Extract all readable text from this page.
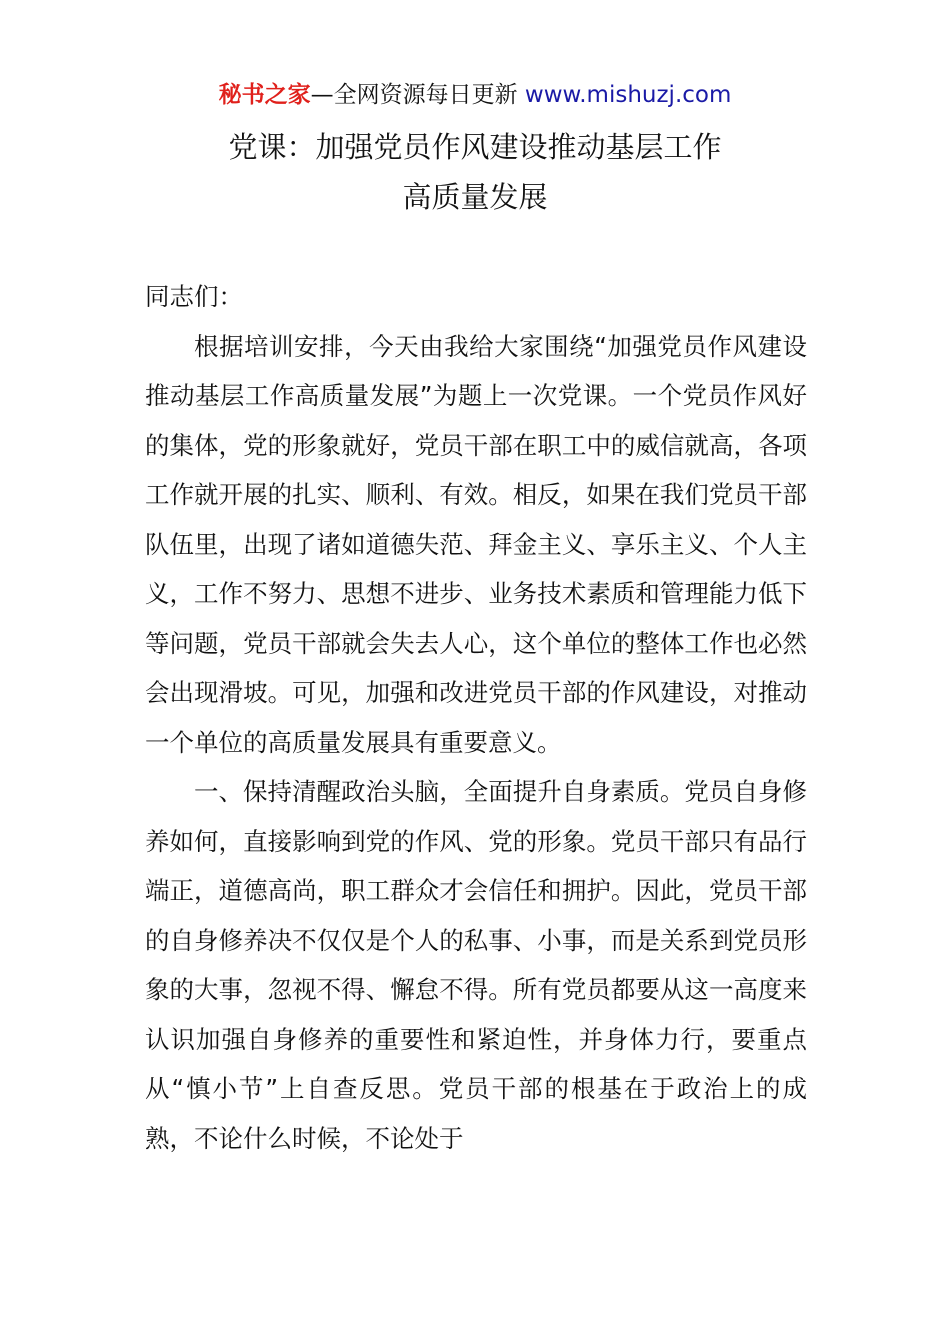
秘书之家—全网资源每日更新 www.mishuzj.com
党课：加强党员作风建设推动基层工作
高质量发展

同志们：

根据培训安排，今天由我给大家围绕“加强党员作风建设推动基层工作高质量发展”为题上一次党课。一个党员作风好的集体，党的形象就好，党员干部在职工中的威信就高，各项工作就开展的扎实、顺利、有效。相反，如果在我们党员干部队伍里，出现了诸如道德失范、拜金主义、享乐主义、个人主义，工作不努力、思想不进步、业务技术素质和管理能力低下等问题，党员干部就会失去人心，这个单位的整体工作也必然会出现滑坡。可见，加强和改进党员干部的作风建设，对推动一个单位的高质量发展具有重要意义。

一、保持清醒政治头脑，全面提升自身素质。党员自身修养如何，直接影响到党的作风、党的形象。党员干部只有品行端正，道德高尚，职工群众才会信任和拥护。因此，党员干部的自身修养决不仅仅是个人的私事、小事，而是关系到党员形象的大事，忽视不得、懈怠不得。所有党员都要从这一高度来认识加强自身修养的重要性和紧迫性，并身体力行，要重点从“慎小节”上自查反思。党员干部的根基在于政治上的成熟，不论什么时候，不论处于
